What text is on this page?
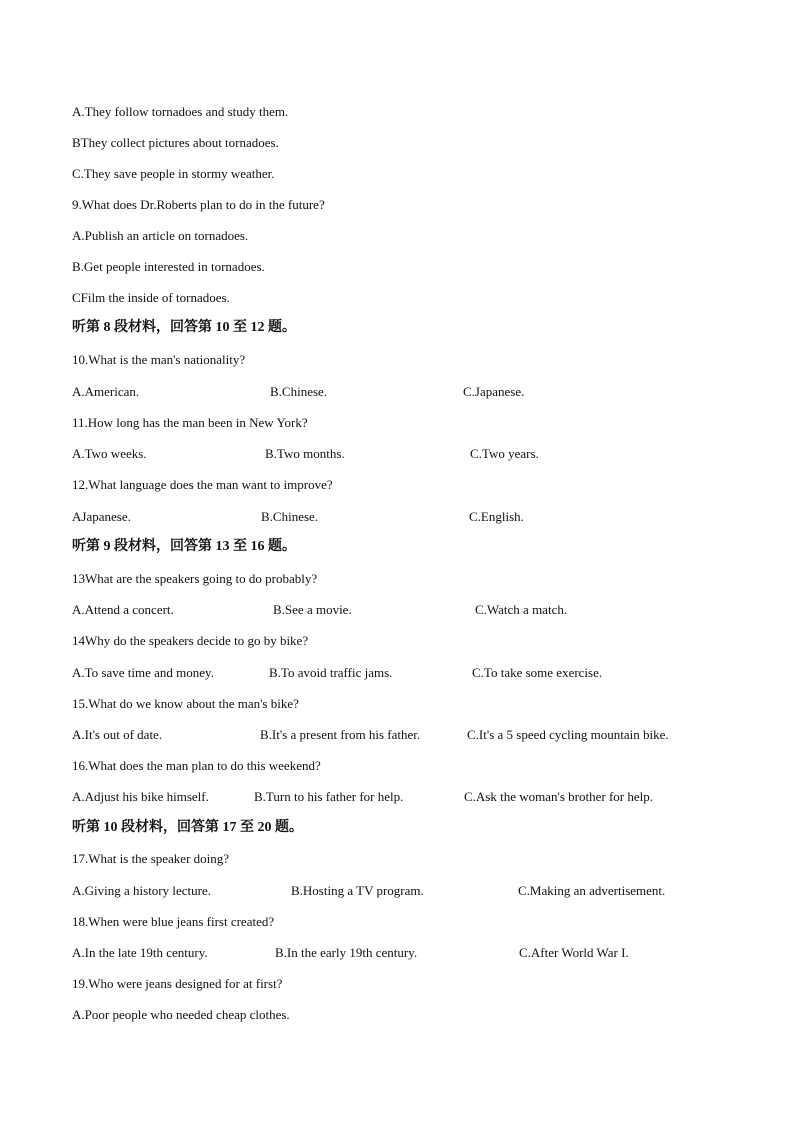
A.They follow tornadoes and study them.
BThey collect pictures about tornadoes.
C.They save people in stormy weather.
9.What does Dr.Roberts plan to do in the future?
A.Publish an article on tornadoes.
B.Get people interested in tornadoes.
CFilm the inside of tornadoes.
听第 8 段材料，回答第 10 至 12 题。
10.What is the man's nationality?
A.American.	B.Chinese.	C.Japanese.
11.How long has the man been in New York?
A.Two weeks.	B.Two months.	C.Two years.
12.What language does the man want to improve?
AJapanese.	B.Chinese.	C.English.
听第 9 段材料，回答第 13 至 16 题。
13What are the speakers going to do probably?
A.Attend a concert.	B.See a movie.	C.Watch a match.
14Why do the speakers decide to go by bike?
A.To save time and money.	B.To avoid traffic jams.	C.To take some exercise.
15.What do we know about the man's bike?
A.It's out of date.	B.It's a present from his father.	C.It's a 5 speed cycling mountain bike.
16.What does the man plan to do this weekend?
A.Adjust his bike himself.	B.Turn to his father for help.	C.Ask the woman's brother for help.
听第 10 段材料，回答第 17 至 20 题。
17.What is the speaker doing?
A.Giving a history lecture.	B.Hosting a TV program.	C.Making an advertisement.
18.When were blue jeans first created?
A.In the late 19th century.	B.In the early 19th century.	C.After World War I.
19.Who were jeans designed for at first?
A.Poor people who needed cheap clothes.
